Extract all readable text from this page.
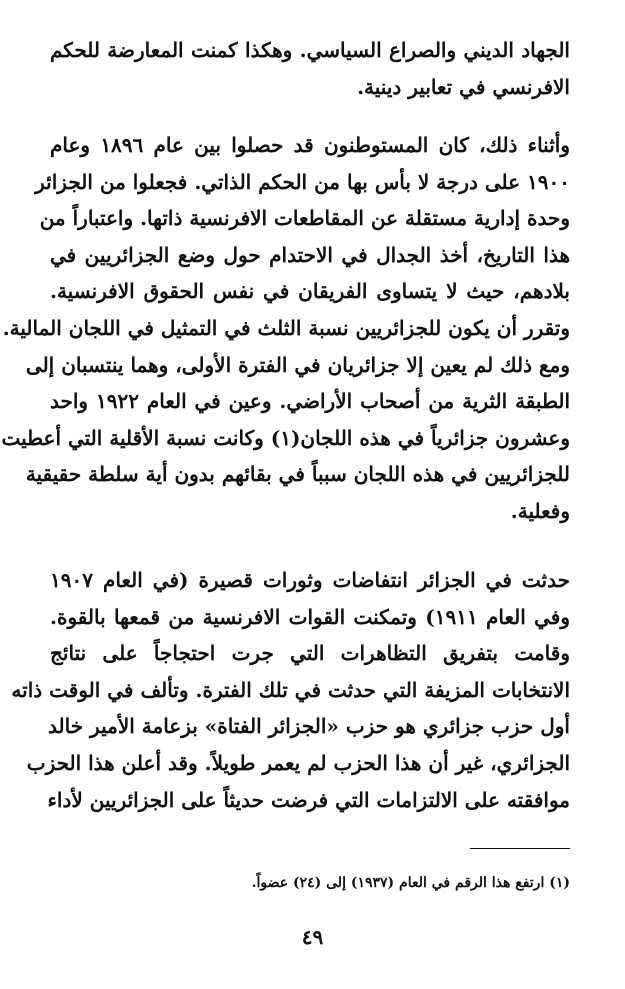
الجهاد الديني والصراع السياسي. وهكذا كمنت المعارضة للحكم
الافرنسي في تعابير دينية.
وأثناء ذلك، كان المستوطنون قد حصلوا بين عام ١٨٩٦ وعام
١٩٠٠ على درجة لا بأس بها من الحكم الذاتي. فجعلوا من الجزائر
وحدة إدارية مستقلة عن المقاطعات الافرنسية ذاتها. واعتباراً من
هذا التاريخ، أخذ الجدال في الاحتدام حول وضع الجزائريين في
بلادهم، حيث لا يتساوى الفريقان في نفس الحقوق الافرنسية.
وتقرر أن يكون للجزائريين نسبة الثلث في التمثيل في اللجان المالية.
ومع ذلك لم يعين إلا جزائريان في الفترة الأولى، وهما ينتسبان إلى
الطبقة الثرية من أصحاب الأراضي. وعين في العام ١٩٢٢ واحد
وعشرون جزائرياً في هذه اللجان(١) وكانت نسبة الأقلية التي أعطيت
للجزائريين في هذه اللجان سبباً في بقائهم بدون أية سلطة حقيقية
وفعلية.
حدثت في الجزائر انتفاضات وثورات قصيرة (في العام ١٩٠٧
وفي العام ١٩١١) وتمكنت القوات الافرنسية من قمعها بالقوة.
وقامت بتفريق التظاهرات التي جرت احتجاجاً على نتائج
الانتخابات المزيفة التي حدثت في تلك الفترة. وتألف في الوقت ذاته
أول حزب جزائري هو حزب «الجزائر الفتاة» بزعامة الأمير خالد
الجزائري، غير أن هذا الحزب لم يعمر طويلاً. وقد أعلن هذا الحزب
موافقته على الالتزامات التي فرضت حديثاً على الجزائريين لأداء
(١) ارتفع هذا الرقم في العام (١٩٣٧) إلى (٢٤) عضواً.
٤٩
